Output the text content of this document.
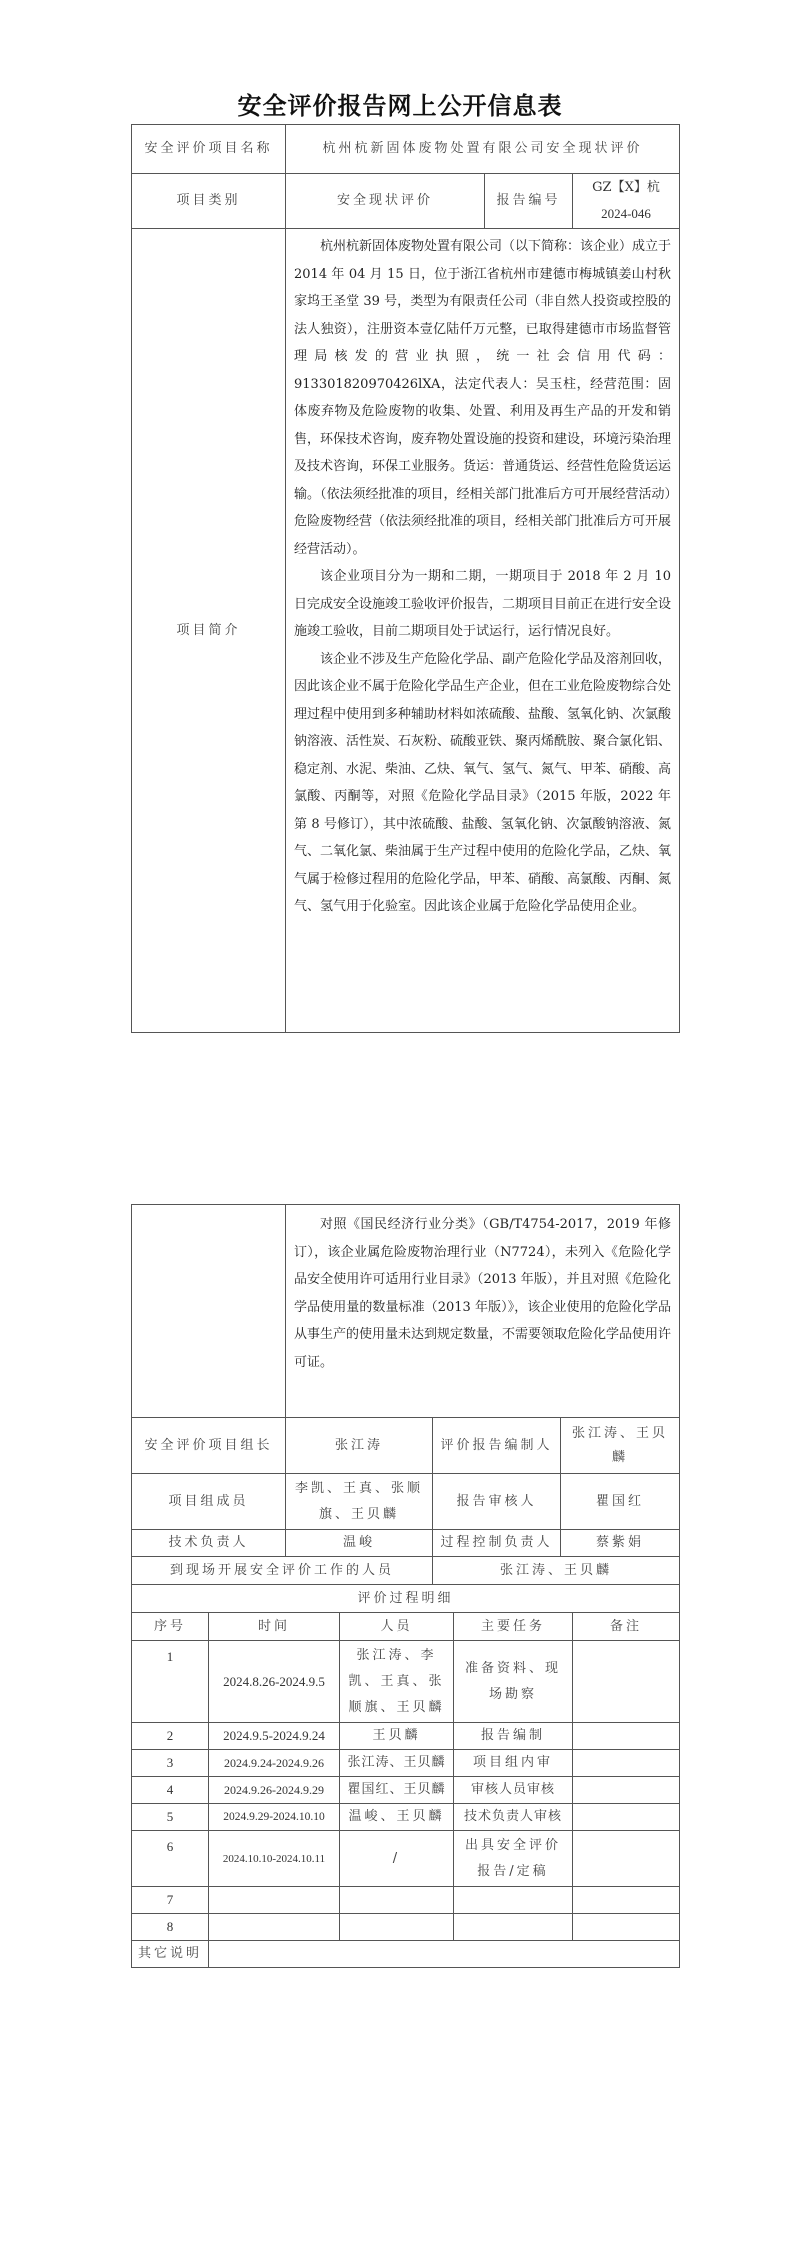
安全评价报告网上公开信息表
安全评价项目名称	杭州杭新固体废物处置有限公司安全现状评价		
项目类别	安全现状评价	报告编号	GZ【X】杭
2024-046

项目简介	杭州杭新固体废物处置有限公司（以下简称：该企业）成立于 2014 年 04 月 15 日，位于浙江省杭州市建德市梅城镇姜山村秋家坞王圣堂 39 号，类型为有限责任公司（非自然人投资或控股的法人独资），注册资本壹亿陆仟万元整，已取得建德市市场监督管理局核发的营业执照，统一社会信用代码：913301820970426lXA，法定代表人：吴玉柱，经营范围：固体废弃物及危险废物的收集、处置、利用及再生产品的开发和销售，环保技术咨询，废弃物处置设施的投资和建设，环境污染治理及技术咨询，环保工业服务。货运：普通货运、经营性危险货运运输。（依法须经批准的项目，经相关部门批准后方可开展经营活动）危险废物经营（依法须经批准的项目，经相关部门批准后方可开展经营活动）。

该企业项目分为一期和二期，一期项目于 2018 年 2 月 10 日完成安全设施竣工验收评价报告，二期项目目前正在进行安全设施竣工验收，目前二期项目处于试运行，运行情况良好。

该企业不涉及生产危险化学品、副产危险化学品及溶剂回收，因此该企业不属于危险化学品生产企业，但在工业危险废物综合处理过程中使用到多种辅助材料如浓硫酸、盐酸、氢氧化钠、次氯酸钠溶液、活性炭、石灰粉、硫酸亚铁、聚丙烯酰胺、聚合氯化铝、稳定剂、水泥、柴油、乙炔、氧气、氢气、氮气、甲苯、硝酸、高氯酸、丙酮等，对照《危险化学品目录》（2015 年版，2022 年第 8 号修订），其中浓硫酸、盐酸、氢氧化钠、次氯酸钠溶液、氮气、二氧化氯、柴油属于生产过程中使用的危险化学品，乙炔、氧气属于检修过程用的危险化学品，甲苯、硝酸、高氯酸、丙酮、氮气、氢气用于化验室。因此该企业属于危险化学品使用企业。		

	对照《国民经济行业分类》（GB/T4754-2017，2019 年修订），该企业属危险废物治理行业（N7724），未列入《危险化学品安全使用许可适用行业目录》（2013 年版），并且对照《危险化学品使用量的数量标准（2013 年版）》，该企业使用的危险化学品从事生产的使用量未达到规定数量，不需要领取危险化学品使用许可证。		

安全评价项目组长	张江涛	评价报告编制人	张江涛、王贝麟
项目组成员	李凯、王真、张顺旗、王贝麟	报告审核人	瞿国红
技术负责人	温峻	过程控制负责人	蔡紫娟
到现场开展安全评价工作的人员		张江涛、王贝麟	
评价过程明细				
序号	时间	人员	主要任务	备注
1	2024.8.26-2024.9.5	张江涛、李凯、王真、张顺旗、王贝麟	准备资料、现场勘察	
2	2024.9.5-2024.9.24	王贝麟	报告编制	
3	2024.9.24-2024.9.26	张江涛、王贝麟	项目组内审	
4	2024.9.26-2024.9.29	瞿国红、王贝麟	审核人员审核	
5	2024.9.29-2024.10.10	温峻、王贝麟	技术负责人审核	
6	2024.10.10-2024.10.11	/	出具安全评价报告/定稿	
7				
8				
其它说明				
